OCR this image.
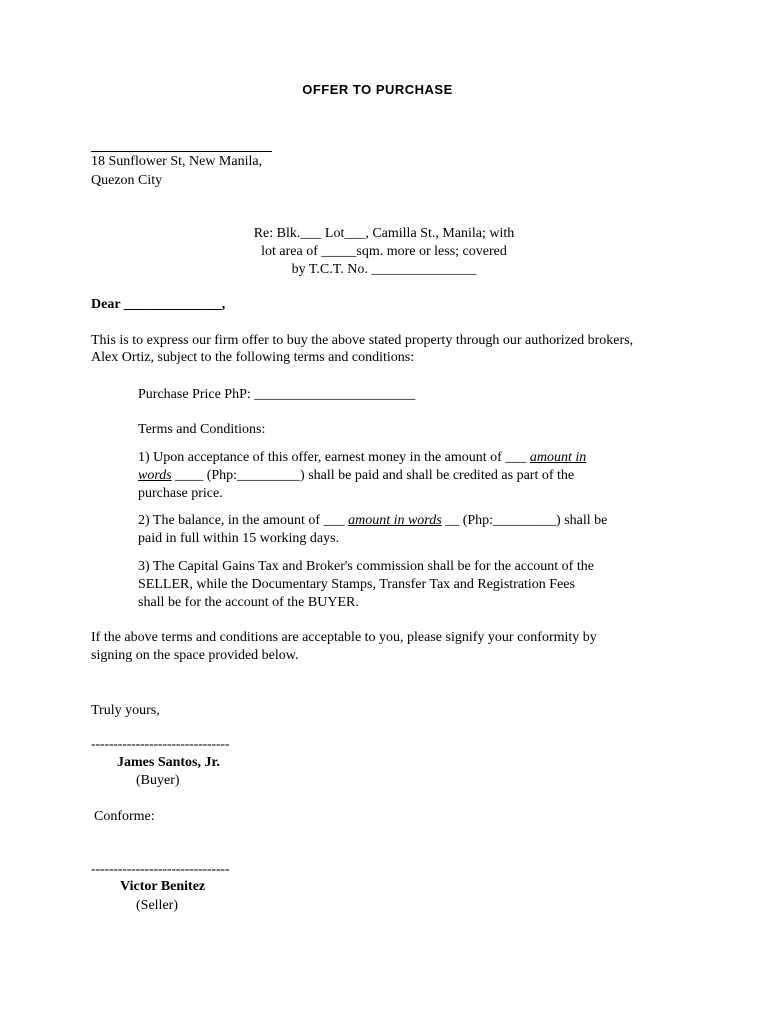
OFFER TO PURCHASE
18 Sunflower St, New Manila,
Quezon City
Re: Blk.___ Lot___, Camilla St., Manila; with
lot area of _____sqm. more or less; covered
by T.C.T. No. _______________
Dear ______________,
This is to express our firm offer to buy the above stated property through our authorized brokers,
Alex Ortiz, subject to the following terms and conditions:
Purchase Price PhP: _______________________
Terms and Conditions:
1) Upon acceptance of this offer, earnest money in the amount of ___ amount in
words ____ (Php:_________) shall be paid and shall be credited as part of the
purchase price.
2) The balance, in the amount of ___ amount in words __ (Php:_________) shall be
paid in full within 15 working days.
3) The Capital Gains Tax and Broker's commission shall be for the account of the
SELLER, while the Documentary Stamps, Transfer Tax and Registration Fees
shall be for the account of the BUYER.
If the above terms and conditions are acceptable to you, please signify your conformity by
signing on the space provided below.
Truly yours,
-------------------------------
James Santos, Jr.
(Buyer)
Conforme:
-------------------------------
Victor Benitez
(Seller)
